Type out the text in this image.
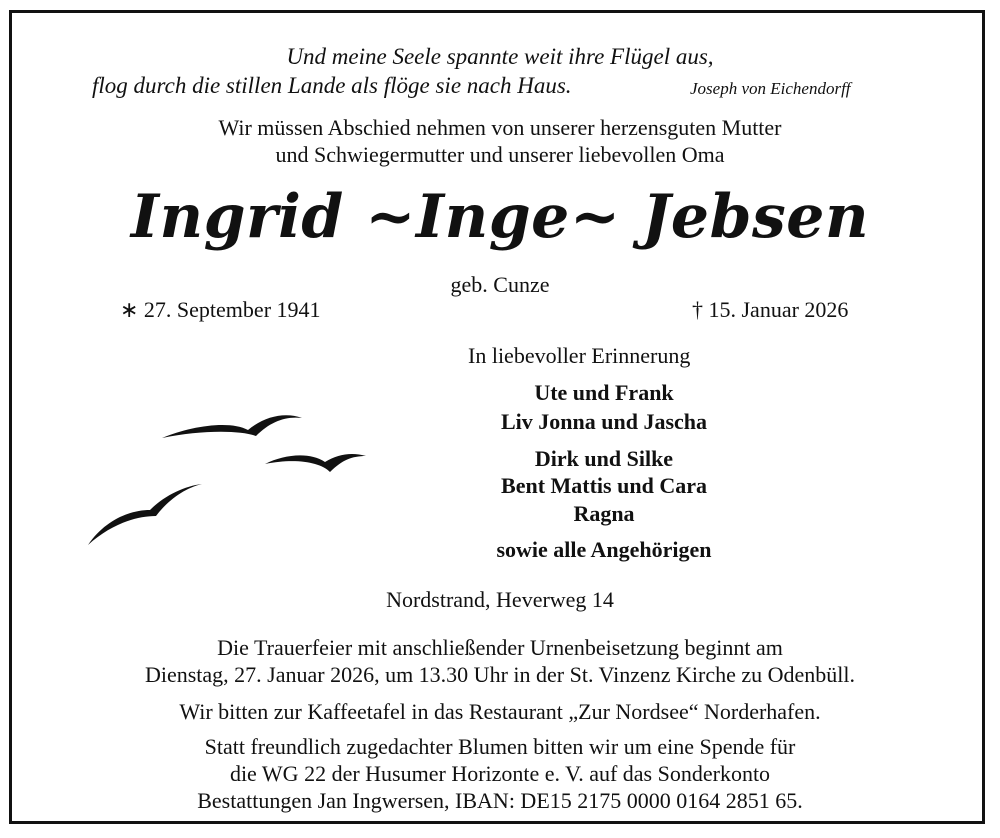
Und meine Seele spannte weit ihre Flügel aus,
flog durch die stillen Lande als flöge sie nach Haus.	Joseph von Eichendorff
Wir müssen Abschied nehmen von unserer herzensguten Mutter
und Schwiegermutter und unserer liebevollen Oma
Ingrid ~Inge~ Jebsen
geb. Cunze
∗ 27. September 1941	† 15. Januar 2026
In liebevoller Erinnerung
Ute und Frank
Liv Jonna und Jascha
Dirk und Silke
Bent Mattis und Cara
Ragna
sowie alle Angehörigen
Nordstrand, Heverweg 14
Die Trauerfeier mit anschließender Urnenbeisetzung beginnt am
Dienstag, 27. Januar 2026, um 13.30 Uhr in der St. Vinzenz Kirche zu Odenbüll.
Wir bitten zur Kaffeetafel in das Restaurant „Zur Nordsee“ Norderhafen.
Statt freundlich zugedachter Blumen bitten wir um eine Spende für
die WG 22 der Husumer Horizonte e. V. auf das Sonderkonto
Bestattungen Jan Ingwersen, IBAN: DE15 2175 0000 0164 2851 65.
